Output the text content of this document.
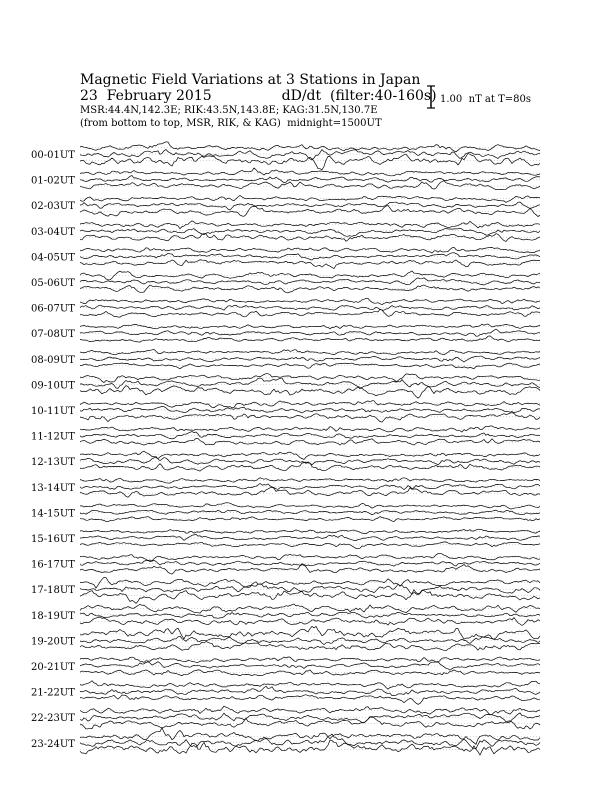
Magnetic Field Variations at 3 Stations in Japan
23  February 2015	dD/dt  (filter:40-160s)
MSR:44.4N,142.3E; RIK:43.5N,143.8E; KAG:31.5N,130.7E
(from bottom to top, MSR, RIK, & KAG)  midnight=1500UT
1.00  nT at T=80s
00-01UT
01-02UT
02-03UT
03-04UT
04-05UT
05-06UT
06-07UT
07-08UT
08-09UT
09-10UT
10-11UT
11-12UT
12-13UT
13-14UT
14-15UT
15-16UT
16-17UT
17-18UT
18-19UT
19-20UT
20-21UT
21-22UT
22-23UT
23-24UT
